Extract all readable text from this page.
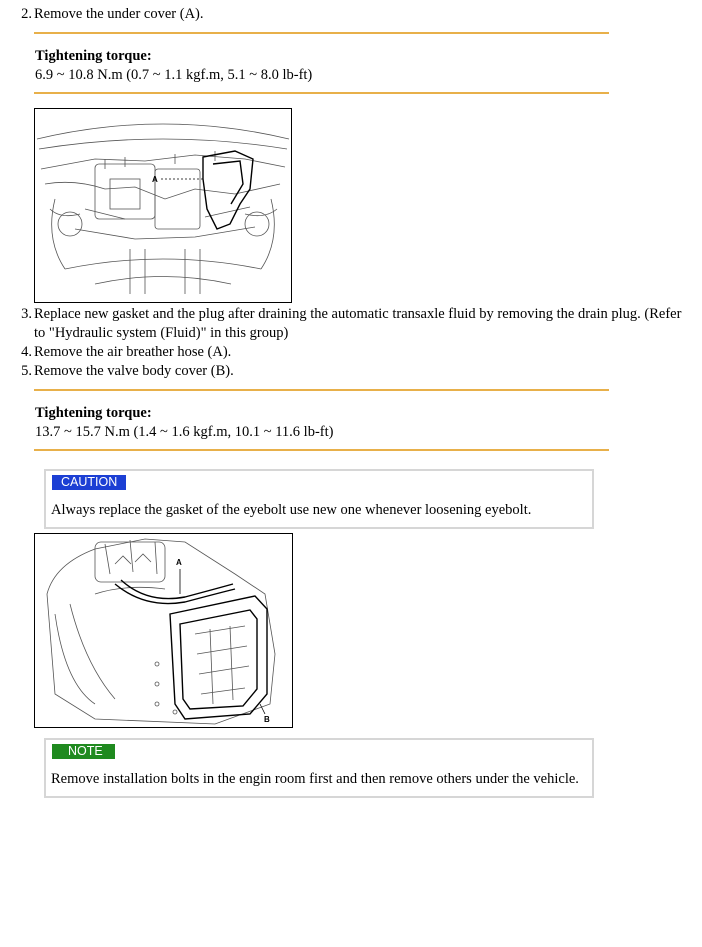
2. Remove the under cover (A).
Tightening torque:
6.9 ~ 10.8 N.m (0.7 ~ 1.1 kgf.m, 5.1 ~ 8.0 lb-ft)
A
3. Replace new gasket and the plug after draining the automatic transaxle fluid by removing the drain plug. (Refer to "Hydraulic system (Fluid)" in this group)
4. Remove the air breather hose (A).
5. Remove the valve body cover (B).
Tightening torque:
13.7 ~ 15.7 N.m (1.4 ~ 1.6 kgf.m, 10.1 ~ 11.6 lb-ft)
CAUTION
Always replace the gasket of the eyebolt use new one whenever loosening eyebolt.
A
B
NOTE
Remove installation bolts in the engin room first and then remove others under the vehicle.
